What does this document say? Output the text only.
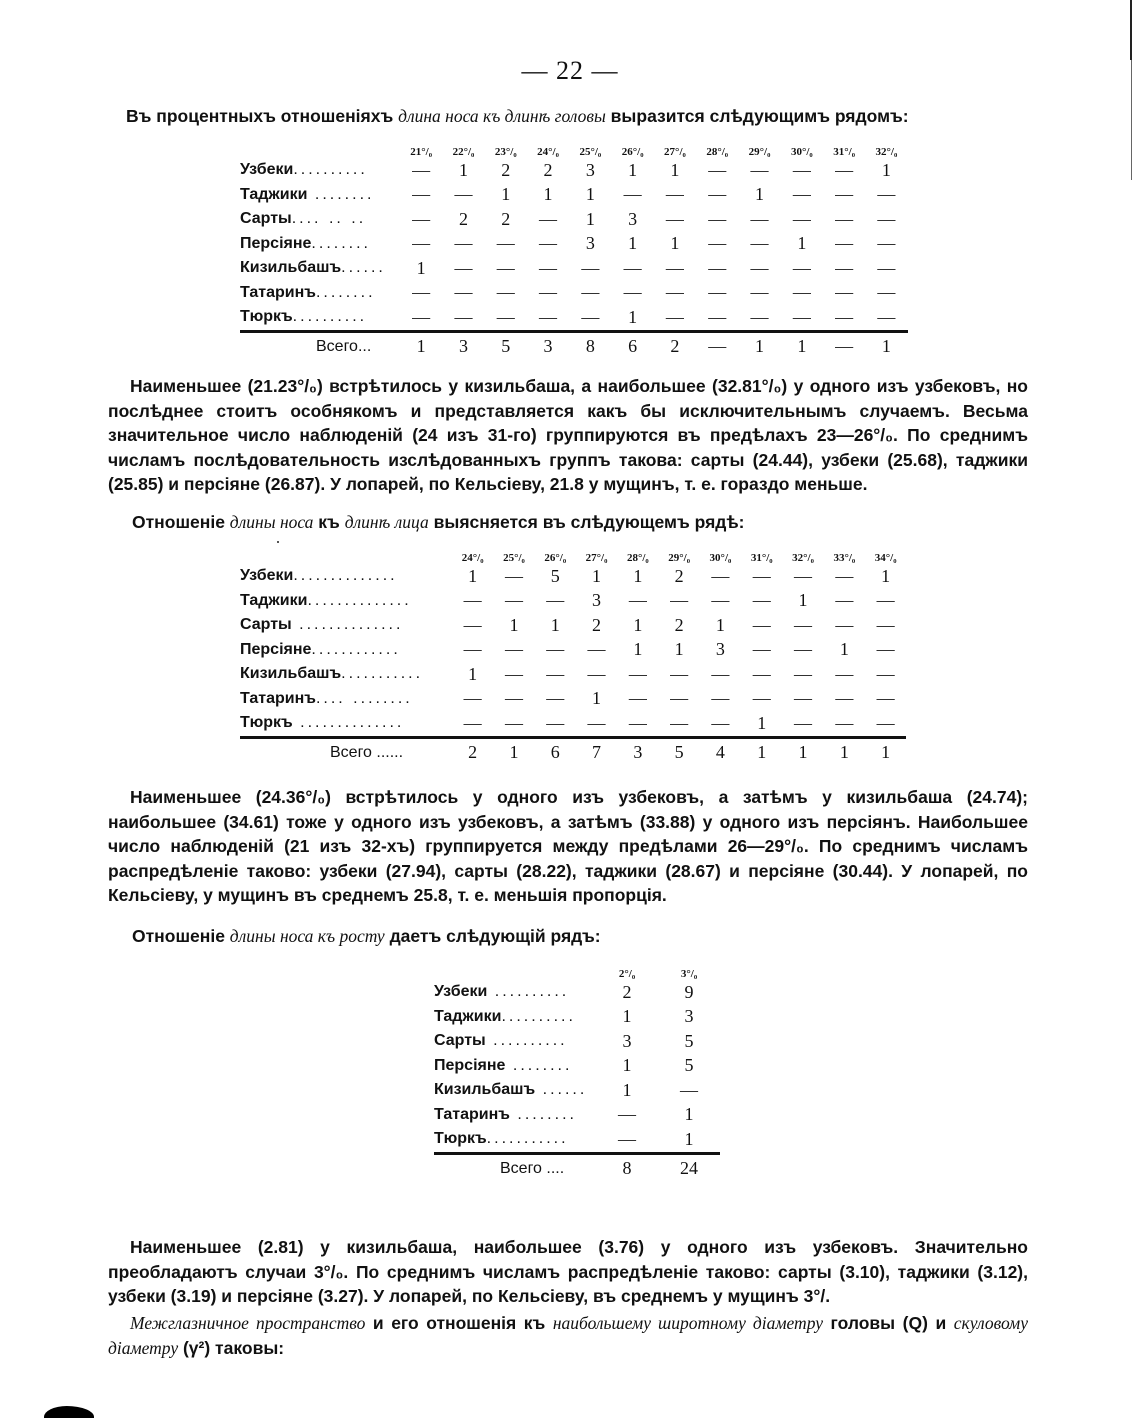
— 22 —
Въ процентныхъ отношеніяхъ длина носа къ длинѣ головы выразится слѣдующимъ рядомъ:
	21°/₀	22°/₀	23°/₀	24°/₀	25°/₀	26°/₀	27°/₀	28°/₀	29°/₀	30°/₀	31°/₀	32°/₀
Узбеки..........	—	1	2	2	3	1	1	—	—	—	—	1
Таджики ........	—	—	1	1	1	—	—	—	1	—	—	—
Сарты.... .. ..	—	2	2	—	1	3	—	—	—	—	—	—
Персіяне........	—	—	—	—	3	1	1	—	—	1	—	—
Кизильбашъ......	1	—	—	—	—	—	—	—	—	—	—	—
Татаринъ........	—	—	—	—	—	—	—	—	—	—	—	—
Тюркъ..........	—	—	—	—	—	1	—	—	—	—	—	—
Всего...	1	3	5	3	8	6	2	—	1	1	—	1
Наименьшее (21.23°/₀) встрѣтилось у кизильбаша, а наибольшее (32.81°/₀) у одного изъ узбековъ, но послѣднее стоитъ особнякомъ и представляется какъ бы исключительнымъ случаемъ. Весьма значительное число наблюденій (24 изъ 31-го) группируются въ предѣлахъ 23—26°/₀. По среднимъ числамъ послѣдовательность изслѣдованныхъ группъ такова: сарты (24.44), узбеки (25.68), таджики (25.85) и персіяне (26.87). У лопарей, по Кельсіеву, 21.8 у мущинъ, т. е. гораздо меньше.
Отношеніе длины носа къ длинѣ лица выясняется въ слѣдующемъ рядѣ:
	24°/₀	25°/₀	26°/₀	27°/₀	28°/₀	29°/₀	30°/₀	31°/₀	32°/₀	33°/₀	34°/₀
Узбеки..............	1	—	5	1	1	2	—	—	—	—	1
Таджики..............	—	—	—	3	—	—	—	—	1	—	—
Сарты ..............	—	1	1	2	1	2	1	—	—	—	—
Персіяне............	—	—	—	—	1	1	3	—	—	1	—
Кизильбашъ...........	1	—	—	—	—	—	—	—	—	—	—
Татаринъ.... ........	—	—	—	1	—	—	—	—	—	—	—
Тюркъ ..............	—	—	—	—	—	—	—	1	—	—	—
Всего ......	2	1	6	7	3	5	4	1	1	1	1
Наименьшее (24.36°/₀) встрѣтилось у одного изъ узбековъ, а затѣмъ у кизильбаша (24.74); наибольшее (34.61) тоже у одного изъ узбековъ, а затѣмъ (33.88) у одного изъ персіянъ. Наибольшее число наблюденій (21 изъ 32-хъ) группируется между предѣлами 26—29°/₀. По среднимъ числамъ распредѣленіе таково: узбеки (27.94), сарты (28.22), таджики (28.67) и персіяне (30.44). У лопарей, по Кельсіеву, у мущинъ въ среднемъ 25.8, т. е. меньшія пропорція.
Отношеніе длины носа къ росту даетъ слѣдующій рядъ:
	2°/₀	3°/₀
Узбеки ..........	2	9
Таджики..........	1	3
Сарты ..........	3	5
Персіяне ........	1	5
Кизильбашъ ......	1	—
Татаринъ ........	—	1
Тюркъ...........	—	1
Всего ....	8	24
Наименьшее (2.81) у кизильбаша, наибольшее (3.76) у одного изъ узбековъ. Значительно преобладаютъ случаи 3°/₀. По среднимъ числамъ распредѣленіе таково: сарты (3.10), таджики (3.12), узбеки (3.19) и персіяне (3.27). У лопарей, по Кельсіеву, въ среднемъ у мущинъ 3°/.
Межглазничное пространство и его отношенія къ наибольшему широтному діаметру головы (Q) и скуловому діаметру (γ²) таковы:
